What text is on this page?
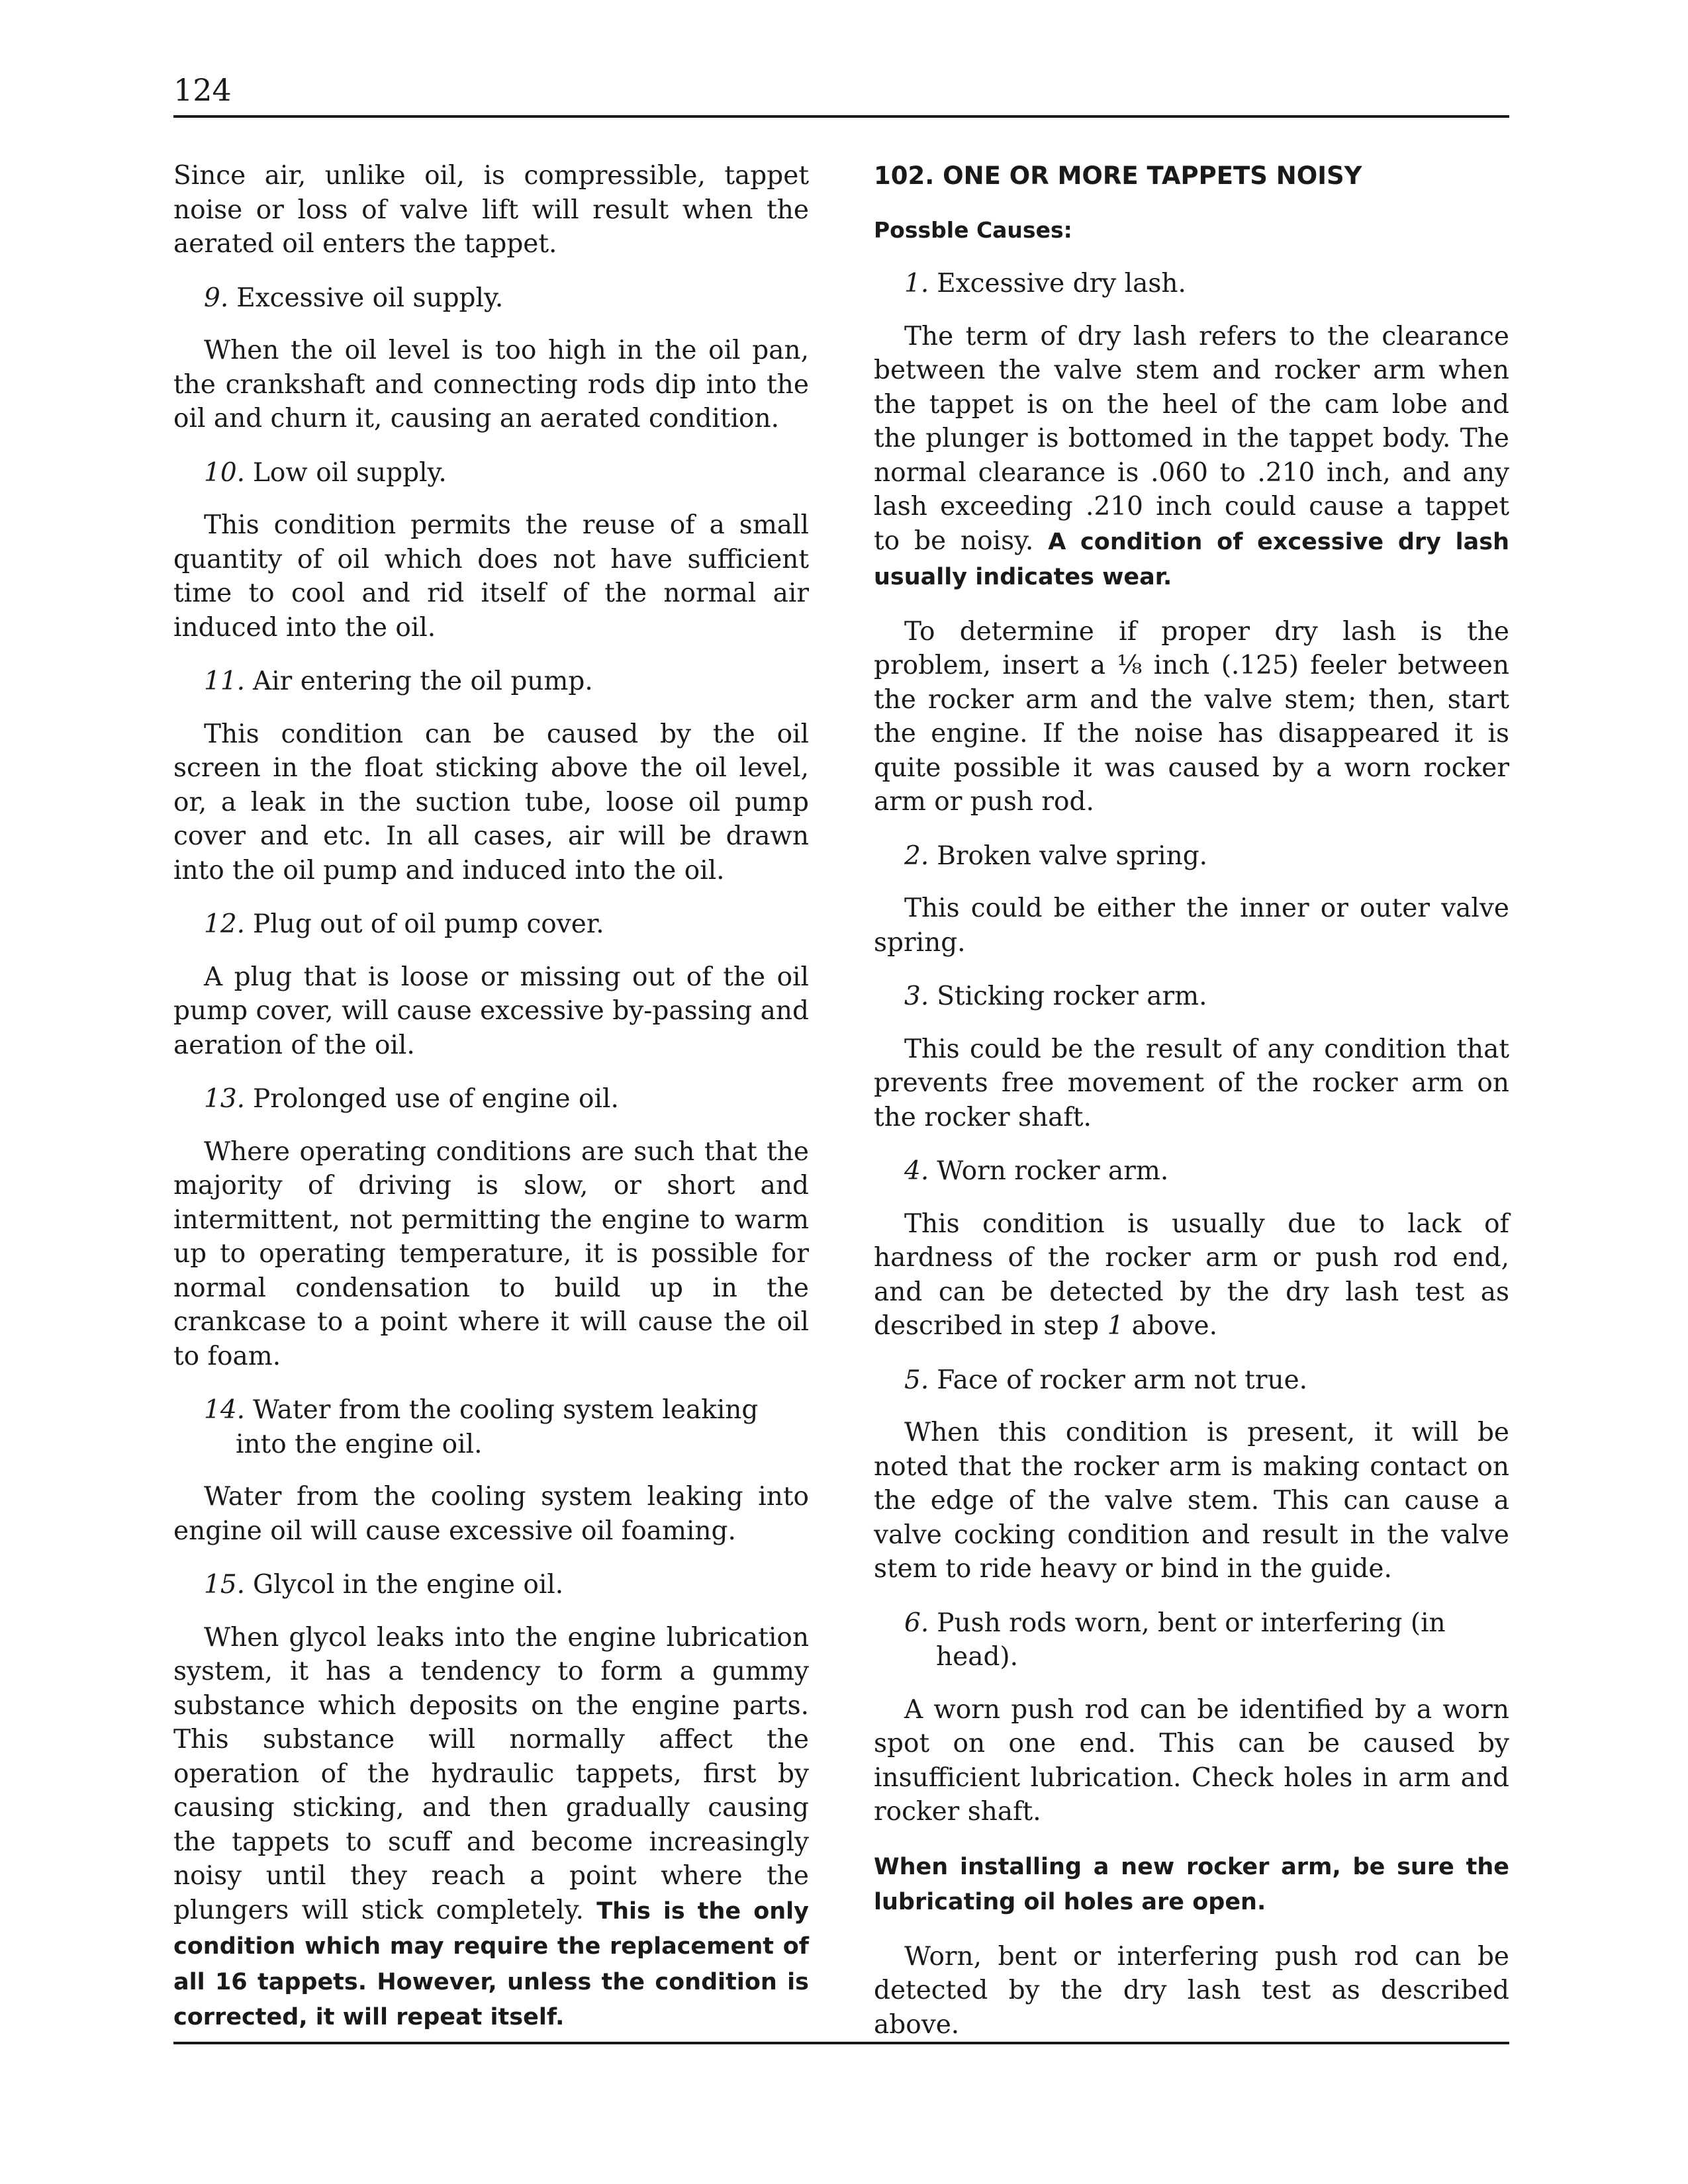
124

Since air, unlike oil, is compressible, tappet noise or loss of valve lift will result when the aerated oil enters the tappet.

9. Excessive oil supply.

When the oil level is too high in the oil pan, the crankshaft and connecting rods dip into the oil and churn it, causing an aerated condition.

10. Low oil supply.

This condition permits the reuse of a small quantity of oil which does not have sufficient time to cool and rid itself of the normal air induced into the oil.

11. Air entering the oil pump.

This condition can be caused by the oil screen in the float sticking above the oil level, or, a leak in the suction tube, loose oil pump cover and etc. In all cases, air will be drawn into the oil pump and induced into the oil.

12. Plug out of oil pump cover.

A plug that is loose or missing out of the oil pump cover, will cause excessive by-passing and aeration of the oil.

13. Prolonged use of engine oil.

Where operating conditions are such that the majority of driving is slow, or short and intermittent, not permitting the engine to warm up to operating temperature, it is possible for normal condensation to build up in the crankcase to a point where it will cause the oil to foam.

14. Water from the cooling system leaking into the engine oil.

Water from the cooling system leaking into engine oil will cause excessive oil foaming.

15. Glycol in the engine oil.

When glycol leaks into the engine lubrication system, it has a tendency to form a gummy substance which deposits on the engine parts. This substance will normally affect the operation of the hydraulic tappets, first by causing sticking, and then gradually causing the tappets to scuff and become increasingly noisy until they reach a point where the plungers will stick completely. This is the only condition which may require the replacement of all 16 tappets. However, unless the condition is corrected, it will repeat itself.

102. ONE OR MORE TAPPETS NOISY
Possble Causes:
1. Excessive dry lash.

The term of dry lash refers to the clearance between the valve stem and rocker arm when the tappet is on the heel of the cam lobe and the plunger is bottomed in the tappet body. The normal clearance is .060 to .210 inch, and any lash exceeding .210 inch could cause a tappet to be noisy. A condition of excessive dry lash usually indicates wear.

To determine if proper dry lash is the problem, insert a ⅛ inch (.125) feeler between the rocker arm and the valve stem; then, start the engine. If the noise has disappeared it is quite possible it was caused by a worn rocker arm or push rod.

2. Broken valve spring.

This could be either the inner or outer valve spring.

3. Sticking rocker arm.

This could be the result of any condition that prevents free movement of the rocker arm on the rocker shaft.

4. Worn rocker arm.

This condition is usually due to lack of hardness of the rocker arm or push rod end, and can be detected by the dry lash test as described in step 1 above.

5. Face of rocker arm not true.

When this condition is present, it will be noted that the rocker arm is making contact on the edge of the valve stem. This can cause a valve cocking condition and result in the valve stem to ride heavy or bind in the guide.

6. Push rods worn, bent or interfering (in head).

A worn push rod can be identified by a worn spot on one end. This can be caused by insufficient lubrication. Check holes in arm and rocker shaft.

When installing a new rocker arm, be sure the lubricating oil holes are open.

Worn, bent or interfering push rod can be detected by the dry lash test as described above.
